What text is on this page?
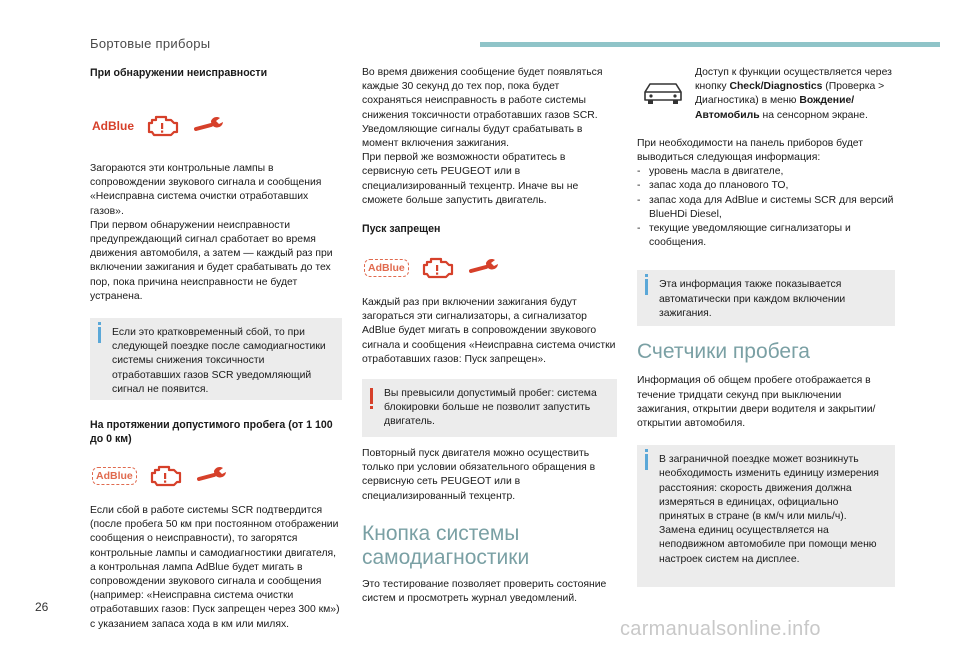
Бортовые приборы
При обнаружении неисправности
AdBlue
Загораются эти контрольные лампы в сопровождении звукового сигнала и сообщения «Неисправна система очистки отработавших газов».
При первом обнаружении неисправности предупреждающий сигнал сработает во время движения автомобиля, а затем — каждый раз при включении зажигания и будет срабатывать до тех пор, пока причина неисправности не будет устранена.
Если это кратковременный сбой, то при следующей поездке после самодиагностики системы снижения токсичности отработавших газов SCR уведомляющий сигнал не появится.
На протяжении допустимого пробега (от 1 100 до 0 км)
AdBlue
Если сбой в работе системы SCR подтвердится (после пробега 50 км при постоянном отображении сообщения о неисправности), то загорятся контрольные лампы и самодиагностики двигателя, а контрольная лампа AdBlue будет мигать в сопровождении звукового сигнала и сообщения (например: «Неисправна система очистки отработавших газов: Пуск запрещен через 300 км») с указанием запаса хода в км или милях.
Во время движения сообщение будет появляться каждые 30 секунд до тех пор, пока будет сохраняться неисправность в работе системы снижения токсичности отработавших газов SCR.
Уведомляющие сигналы будут срабатывать в момент включения зажигания.
При первой же возможности обратитесь в сервисную сеть PEUGEOT или в специализированный техцентр. Иначе вы не сможете больше запустить двигатель.
Пуск запрещен
AdBlue
Каждый раз при включении зажигания будут загораться эти сигнализаторы, а сигнализатор AdBlue будет мигать в сопровождении звукового сигнала и сообщения «Неисправна система очистки отработавших газов: Пуск запрещен».
Вы превысили допустимый пробег: система блокировки больше не позволит запустить двигатель.
Повторный пуск двигателя можно осуществить только при условии обязательного обращения в сервисную сеть PEUGEOT или в специализированный техцентр.
Кнопка системы самодиагностики
Это тестирование позволяет проверить состояние систем и просмотреть журнал уведомлений.
Доступ к функции осуществляется через кнопку Check/Diagnostics (Проверка > Диагностика) в меню Вождение/ Автомобиль на сенсорном экране.
При необходимости на панель приборов будет выводиться следующая информация:
- уровень масла в двигателе,
- запас хода до планового ТО,
- запас хода для AdBlue и системы SCR для версий BlueHDi Diesel,
- текущие уведомляющие сигнализаторы и сообщения.
Эта информация также показывается автоматически при каждом включении зажигания.
Счетчики пробега
Информация об общем пробеге отображается в течение тридцати секунд при выключении зажигания, открытии двери водителя и закрытии/открытии автомобиля.
В заграничной поездке может возникнуть необходимость изменить единицу измерения расстояния: скорость движения должна измеряться в единицах, официально принятых в стране (в км/ч или миль/ч).
Замена единиц осуществляется на неподвижном автомобиле при помощи меню настроек систем на дисплее.
26
carmanualsonline.info
